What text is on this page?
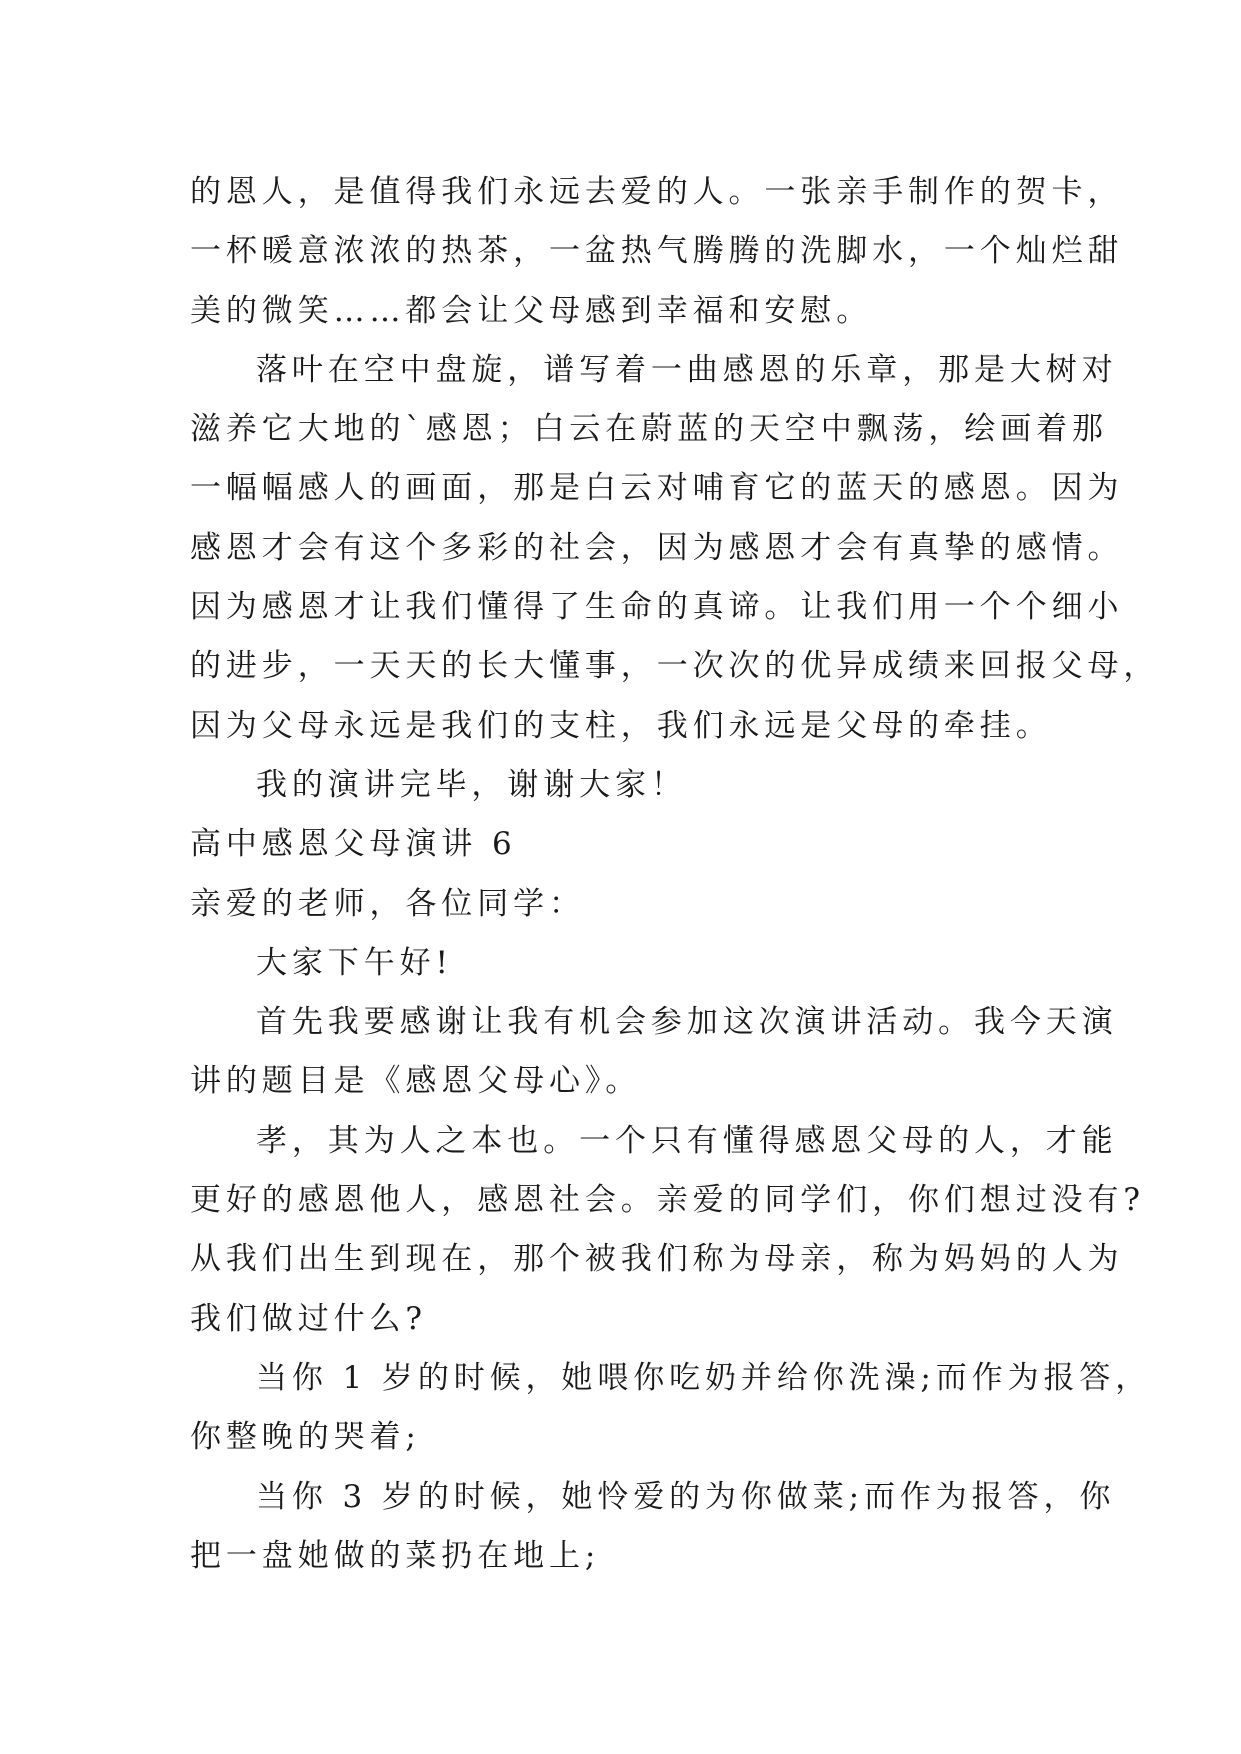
的恩人，是值得我们永远去爱的人。一张亲手制作的贺卡，
一杯暖意浓浓的热茶，一盆热气腾腾的洗脚水，一个灿烂甜
美的微笑……都会让父母感到幸福和安慰。
落叶在空中盘旋，谱写着一曲感恩的乐章，那是大树对
滋养它大地的`感恩；白云在蔚蓝的天空中飘荡，绘画着那
一幅幅感人的画面，那是白云对哺育它的蓝天的感恩。因为
感恩才会有这个多彩的社会，因为感恩才会有真挚的感情。
因为感恩才让我们懂得了生命的真谛。让我们用一个个细小
的进步，一天天的长大懂事，一次次的优异成绩来回报父母，
因为父母永远是我们的支柱，我们永远是父母的牵挂。
我的演讲完毕，谢谢大家！
高中感恩父母演讲 6
亲爱的老师，各位同学：
大家下午好!
首先我要感谢让我有机会参加这次演讲活动。我今天演
讲的题目是《感恩父母心》。
孝，其为人之本也。一个只有懂得感恩父母的人，才能
更好的感恩他人，感恩社会。亲爱的同学们，你们想过没有?
从我们出生到现在，那个被我们称为母亲，称为妈妈的人为
我们做过什么?
当你 1 岁的时候，她喂你吃奶并给你洗澡;而作为报答，
你整晚的哭着;
当你 3 岁的时候，她怜爱的为你做菜;而作为报答，你
把一盘她做的菜扔在地上;
